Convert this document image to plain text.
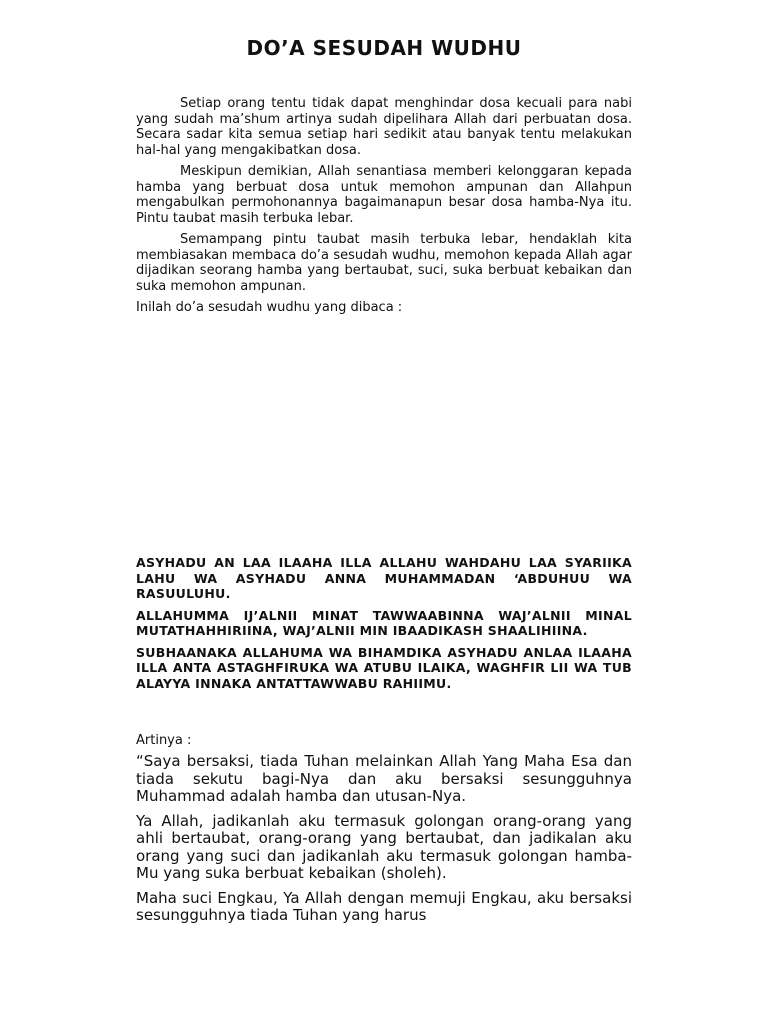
DO’A SESUDAH WUDHU

Setiap orang tentu tidak dapat menghindar dosa kecuali para nabi yang sudah ma’shum artinya sudah dipelihara Allah dari perbuatan dosa. Secara sadar kita semua setiap hari sedikit atau banyak tentu melakukan hal-hal yang mengakibatkan dosa.

Meskipun demikian, Allah senantiasa memberi kelonggaran kepada hamba yang berbuat dosa untuk memohon ampunan dan Allahpun mengabulkan permohonannya bagaimanapun besar dosa hamba-Nya itu. Pintu taubat masih terbuka lebar.

Semampang pintu taubat masih terbuka lebar, hendaklah kita membiasakan membaca do’a sesudah wudhu, memohon kepada Allah agar dijadikan seorang hamba yang bertaubat, suci, suka berbuat kebaikan dan suka memohon ampunan.

Inilah do’a sesudah wudhu yang dibaca :

ASYHADU AN LAA ILAAHA ILLA ALLAHU WAHDAHU LAA SYARIIKA LAHU WA ASYHADU ANNA MUHAMMADAN ‘ABDUHUU WA RASUULUHU.

ALLAHUMMA IJ’ALNII MINAT TAWWAABINNA WAJ’ALNII MINAL MUTATHAHHIRIINA, WAJ’ALNII MIN IBAADIKASH SHAALIHIINA.

SUBHAANAKA ALLAHUMA WA BIHAMDIKA ASYHADU ANLAA ILAAHA ILLA ANTA ASTAGHFIRUKA WA ATUBU ILAIKA, WAGHFIR LII WA TUB ALAYYA INNAKA ANTATTAWWABU RAHIIMU.

Artinya :

“Saya bersaksi, tiada Tuhan melainkan Allah Yang Maha Esa dan tiada sekutu bagi-Nya dan aku bersaksi sesungguhnya Muhammad adalah hamba dan utusan-Nya.

Ya Allah, jadikanlah aku termasuk golongan orang-orang yang ahli bertaubat, orang-orang yang bertaubat, dan jadikalan aku orang yang suci dan jadikanlah aku termasuk golongan hamba-Mu yang suka berbuat kebaikan (sholeh).

Maha suci Engkau, Ya Allah dengan memuji Engkau, aku bersaksi sesungguhnya tiada Tuhan yang harus
